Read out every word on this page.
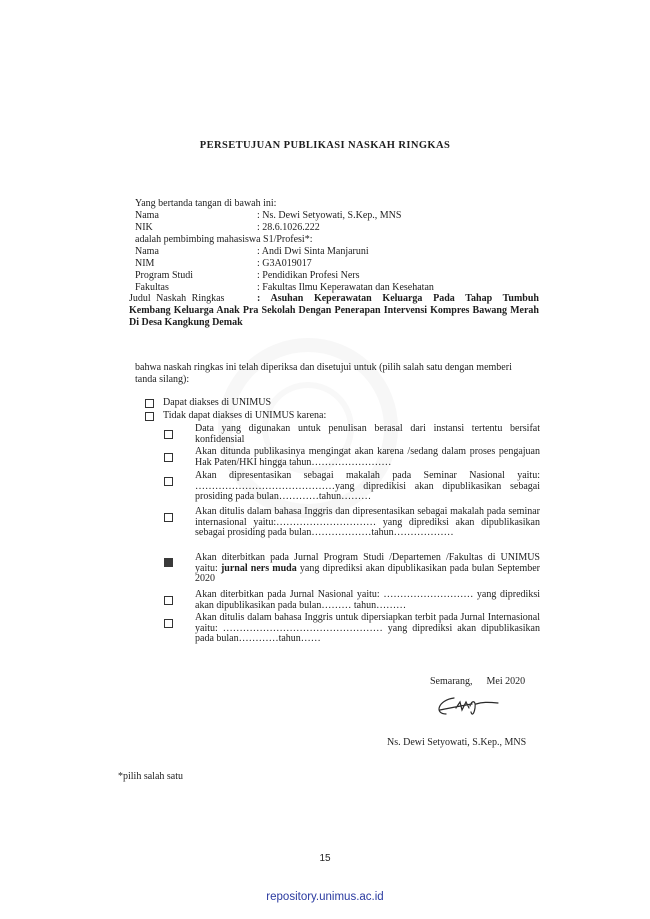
PERSETUJUAN PUBLIKASI NASKAH RINGKAS
Yang bertanda tangan di bawah ini:
Nama	: Ns. Dewi Setyowati, S.Kep., MNS
NIK	: 28.6.1026.222
adalah pembimbing mahasiswa S1/Profesi*:
Nama	: Andi Dwi Sinta Manjaruni
NIM	: G3A019017
Program Studi	: Pendidikan Profesi Ners
Fakultas	: Fakultas Ilmu Keperawatan dan Kesehatan
Judul Naskah Ringkas	: Asuhan Keperawatan Keluarga Pada Tahap Tumbuh
Kembang Keluarga Anak Pra Sekolah Dengan Penerapan Intervensi Kompres Bawang Merah Di Desa Kangkung Demak
bahwa naskah ringkas ini telah diperiksa dan disetujui untuk (pilih salah satu dengan memberi tanda silang):
Dapat diakses di UNIMUS
Tidak dapat diakses di UNIMUS karena:
Data yang digunakan untuk penulisan berasal dari instansi tertentu bersifat konfidensial
Akan ditunda publikasinya mengingat akan karena /sedang dalam proses pengajuan Hak Paten/HKI hingga tahun……………………
Akan dipresentasikan sebagai makalah pada Seminar Nasional yaitu: ……………………………………yang dipredikisi akan dipublikasikan sebagai prosiding pada bulan…………tahun………
Akan ditulis dalam bahasa Inggris dan dipresentasikan sebagai makalah pada seminar internasional yaitu:………………………… yang diprediksi akan dipublikasikan sebagai prosiding pada bulan………………tahun………………
Akan diterbitkan pada Jurnal Program Studi /Departemen /Fakultas di UNIMUS yaitu: jurnal ners muda yang diprediksi akan dipublikasikan pada bulan September 2020
Akan diterbitkan pada Jurnal Nasional yaitu: ……………………… yang diprediksi akan dipublikasikan pada bulan……… tahun………
Akan ditulis dalam bahasa Inggris untuk dipersiapkan terbit pada Jurnal Internasional yaitu: ………………………………………… yang diprediksi akan dipublikasikan pada bulan…………tahun……
Semarang, Mei 2020
Ns. Dewi Setyowati, S.Kep., MNS
*pilih salah satu
15
repository.unimus.ac.id
